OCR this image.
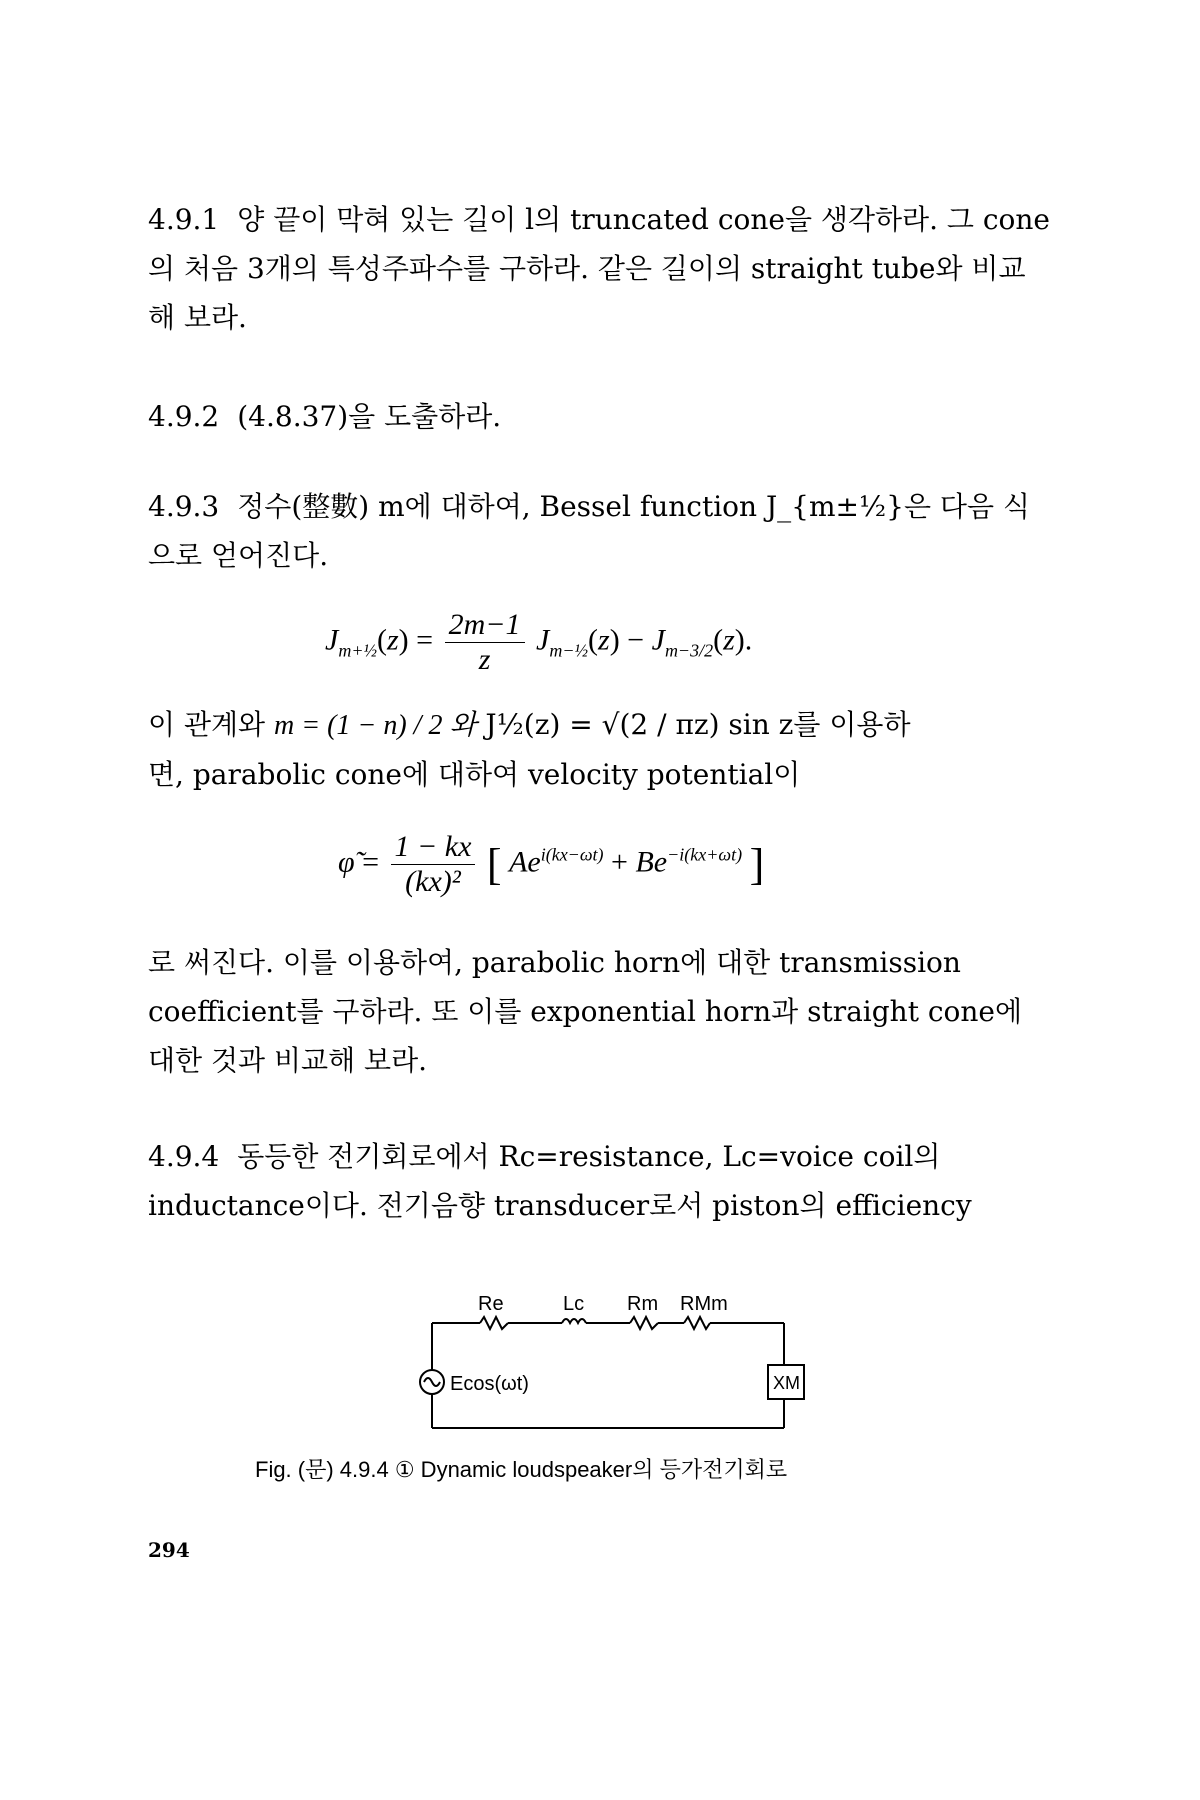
4.9.1 양 끝이 막혀 있는 길이 l의 truncated cone을 생각하라. 그 cone의 처음 3개의 특성주파수를 구하라. 같은 길이의 straight tube와 비교해 보라.
4.9.2 (4.8.37)을 도출하라.
4.9.3 정수(整數) m에 대하여, Bessel function J_{m±½}은 다음 식으로 얻어진다.
$J_{m+\frac{1}{2}}(z) = \frac{2m-1}{z} J_{m-\frac{1}{2}}(z) - J_{m-3/2}(z)$.
이 관계와 m = (1 − n) / 2 와 J½(z) = √(2 / πz) sin z를 이용하
면, parabolic cone에 대하여 velocity potential이
φ̃ = $\frac{1 - kx}{\text{(kx)²}}$ [ $Ae^{i(kx-\omega t)} + Be^{-i(kx+\omega t)}$ ]
로 써진다. 이를 이용하여, parabolic horn에 대한 transmission coefficient를 구하라. 또 이를 exponential horn과 straight cone에 대한 것과 비교해 보라.
4.9.4 동등한 전기회로에서 Rc=resistance, Lc=voice coil의 inductance이다. 전기음향 transducer로서 piston의 efficiency
Re	Lc Rm RMm
Ecos(ωt)	XM
Fig. (문) 4.9.4 ① Dynamic loudspeaker의 등가전기회로
294
